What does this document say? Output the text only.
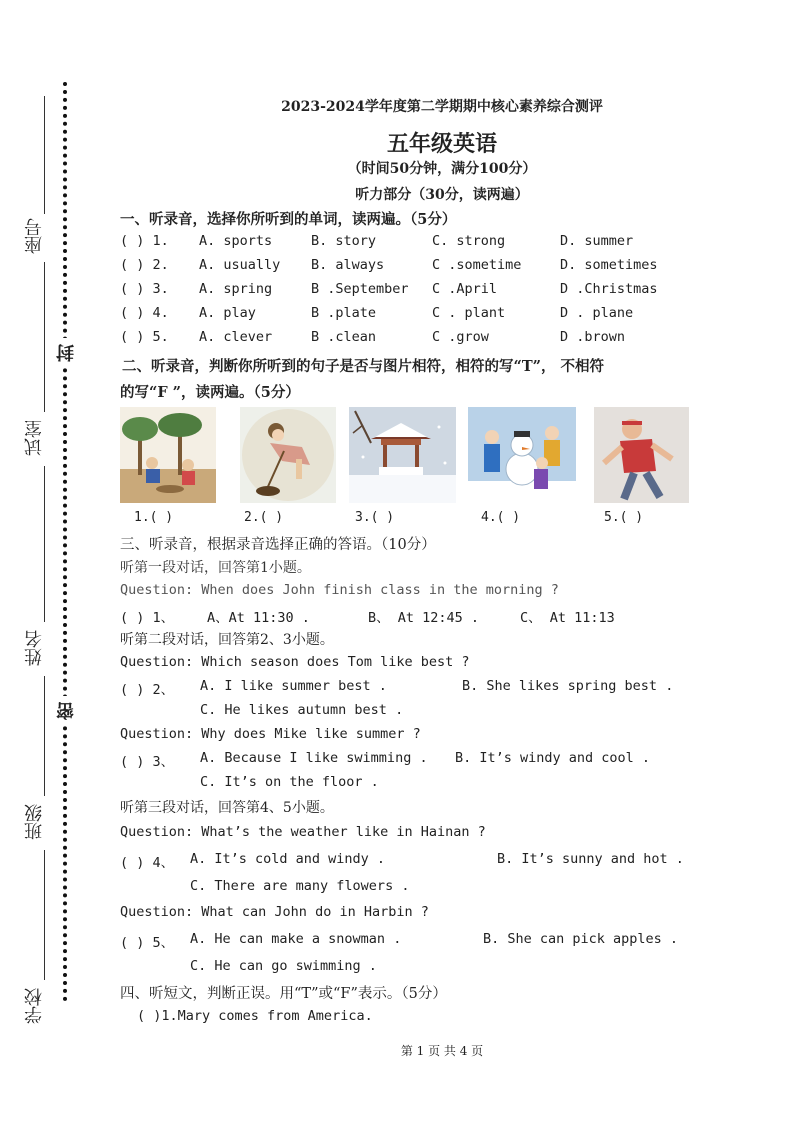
座号
试室
姓名
班级
学校
封
密
2023-2024学年度第二学期期中核心素养综合测评
五年级英语
（时间50分钟，满分100分）
听力部分（30分，读两遍）
一、听录音，选择你所听到的单词，读两遍。（5分）
( ) 1. A. sports	B. story	C. strong	D. summer
( ) 2. A. usually B. always	C .sometime	D. sometimes
( ) 3. A. spring	B .September C .April	D .Christmas
( ) 4. A. play	B .plate	C . plant	D . plane
( ) 5. A. clever	B .clean	C .grow	D .brown
二、听录音，判断你所听到的句子是否与图片相符，相符的写“T”， 不相符
的写“F ”，读两遍。（5分）
1.( )	2.( )	3.( )	4.( )	5.( )
三、听录音，根据录音选择正确的答语。（10分）
听第一段对话，回答第1小题。
Question: When does John finish class in the morning ?
( ) 1、 A、At 11:30 .	B、 At 12:45 .	C、 At 11:13
听第二段对话，回答第2、3小题。
Question: Which season does Tom like best ?
( ) 2、 A. I like summer best .	B. She likes spring best .
C. He likes autumn best .
Question: Why does Mike like summer ?
( ) 3、 A. Because I like swimming . B. It’s windy and cool .
C. It’s on the floor .
听第三段对话，回答第4、5小题。
Question: What’s the weather like in Hainan ?
( ) 4、 A. It’s cold and windy .	B. It’s sunny and hot .
C. There are many flowers .
Question: What can John do in Harbin ?
( ) 5、 A. He can make a snowman .	B. She can pick apples .
C. He can go swimming .
四、听短文，判断正误。用“T”或“F”表示。（5分）
( )1.Mary comes from America.
第 1 页 共 4 页
